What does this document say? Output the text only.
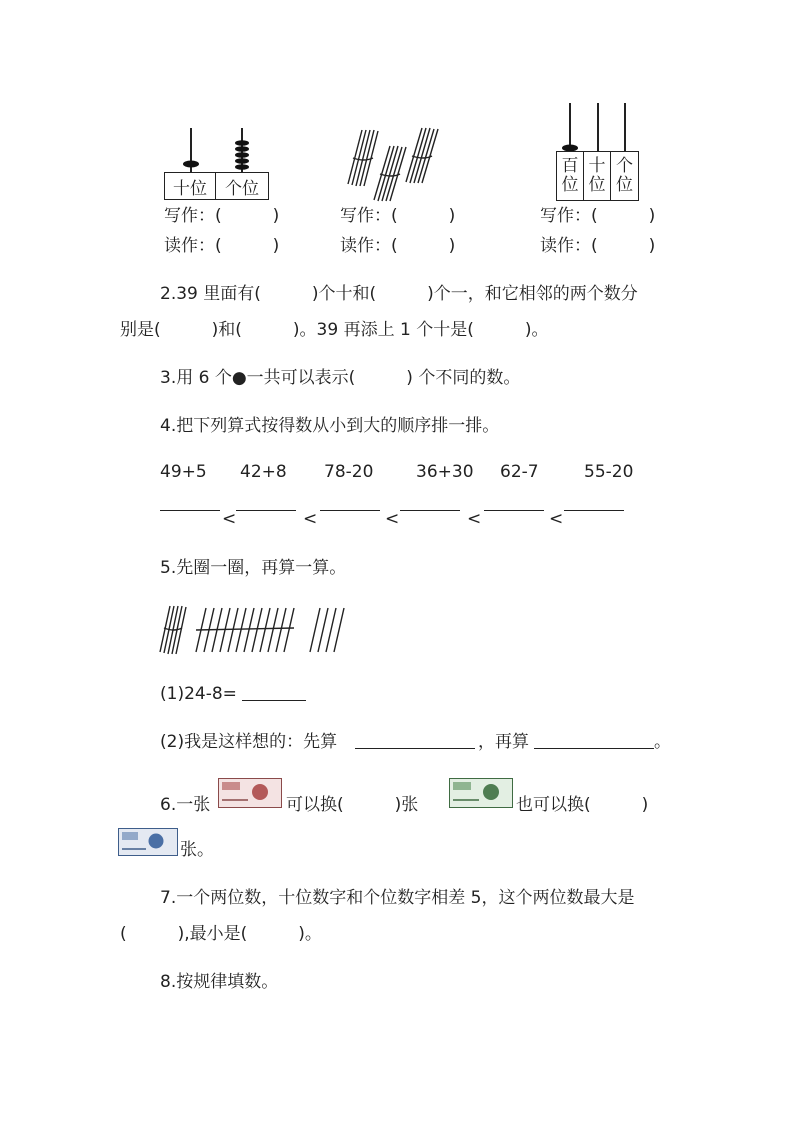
十位	个位
百
位
十
位
个
位
写作：(　　　)
读作：(　　　)
写作：(　　　)
读作：(　　　)
写作：(　　　)
读作：(　　　)
2.39 里面有(　　　)个十和(　　　)个一，和它相邻的两个数分
别是(　　　)和(　　　)。39 再添上 1 个十是(　　　)。
3.用 6 个●一共可以表示(　　　) 个不同的数。
4.把下列算式按得数从小到大的顺序排一排。
49+5 42+8 78-20	36+30 62-7	55-20
<	<	<	<	<
5.先圈一圈，再算一算。
(1)24-8=
(2)我是这样想的：先算	，再算	。
6.一张	可以换(　　　)张	也可以换(　　　)
张。
7.一个两位数，十位数字和个位数字相差 5，这个两位数最大是
(　　　),最小是(　　　)。
8.按规律填数。
